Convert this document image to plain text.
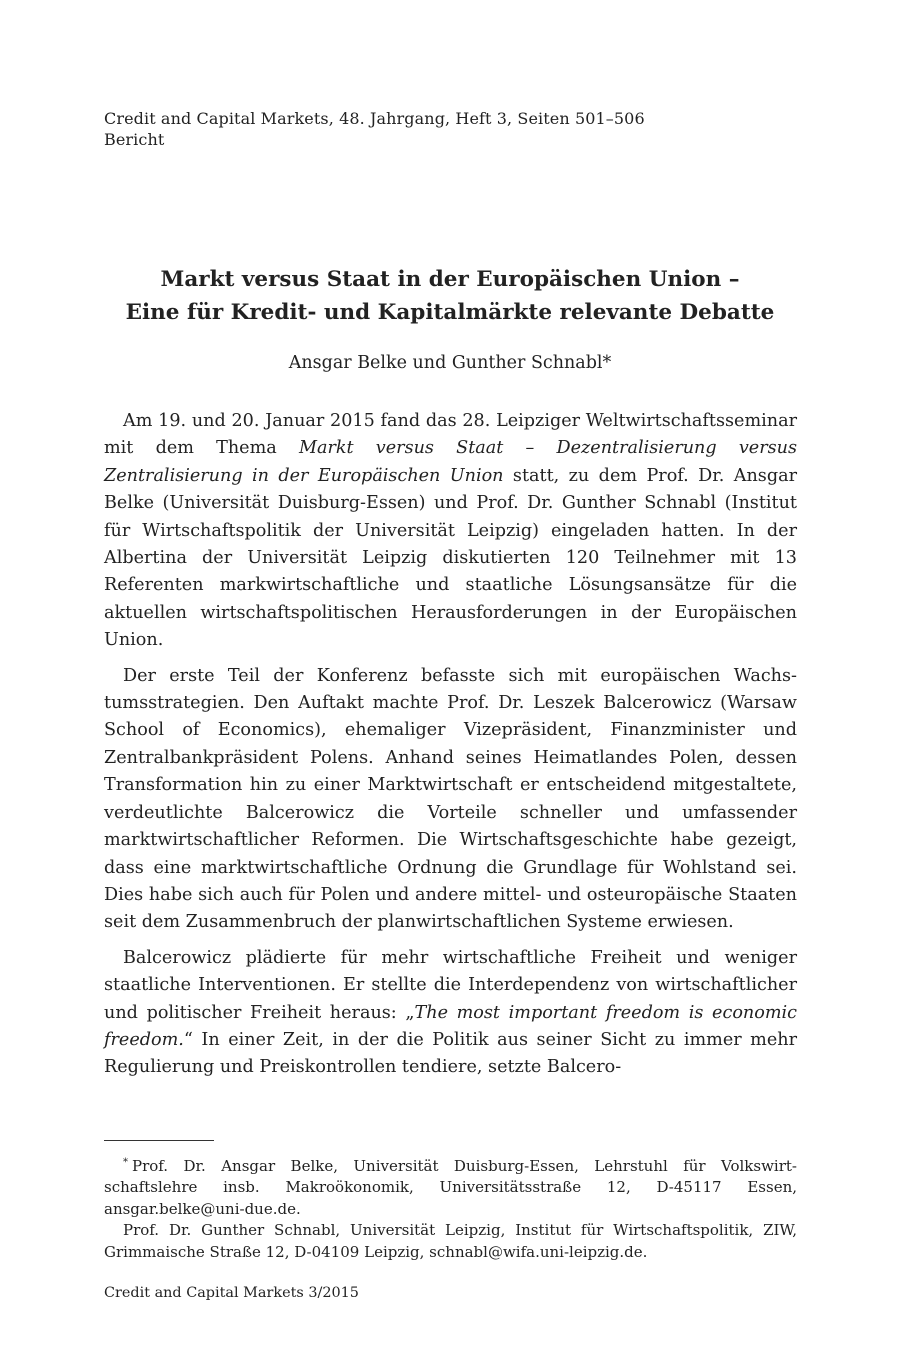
Credit and Capital Markets, 48. Jahrgang, Heft 3, Seiten 501–506
Bericht
Markt versus Staat in der Europäischen Union –
Eine für Kredit- und Kapitalmärkte relevante Debatte
Ansgar Belke und Gunther Schnabl*

Am 19. und 20. Januar 2015 fand das 28. Leipziger Weltwirtschaftsseminar mit dem Thema Markt versus Staat – Dezentralisierung versus Zentralisierung in der Europäischen Union statt, zu dem Prof. Dr. Ansgar Belke (Universität Duisburg-Essen) und Prof. Dr. Gunther Schnabl (Institut für Wirtschaftspolitik der Universität Leipzig) eingeladen hatten. In der Albertina der Universität Leipzig diskutierten 120 Teilnehmer mit 13 Referenten markwirtschaftliche und staatliche Lösungsansätze für die aktuellen wirtschaftspolitischen Herausforderungen in der Europäischen Union.

Der erste Teil der Konferenz befasste sich mit europäischen Wachstumsstrategien. Den Auftakt machte Prof. Dr. Leszek Balcerowicz (Warsaw School of Economics), ehemaliger Vizepräsident, Finanzminister und Zentralbankpräsident Polens. Anhand seines Heimatlandes Polen, dessen Transformation hin zu einer Marktwirtschaft er entscheidend mitgestaltete, verdeutlichte Balcerowicz die Vorteile schneller und umfassender marktwirtschaftlicher Reformen. Die Wirtschaftsgeschichte habe gezeigt, dass eine marktwirtschaftliche Ordnung die Grundlage für Wohlstand sei. Dies habe sich auch für Polen und andere mittel- und osteuropäische Staaten seit dem Zusammenbruch der planwirtschaftlichen Systeme erwiesen.

Balcerowicz plädierte für mehr wirtschaftliche Freiheit und weniger staatliche Interventionen. Er stellte die Interdependenz von wirtschaftlicher und politischer Freiheit heraus: „The most important freedom is economic freedom.“ In einer Zeit, in der die Politik aus seiner Sicht zu immer mehr Regulierung und Preiskontrollen tendiere, setzte Balcero-

* Prof. Dr. Ansgar Belke, Universität Duisburg-Essen, Lehrstuhl für Volkswirtschaftslehre insb. Makroökonomik, Universitätsstraße 12, D-45117 Essen, ansgar.belke@uni-due.de.

Prof. Dr. Gunther Schnabl, Universität Leipzig, Institut für Wirtschaftspolitik, ZIW, Grimmaische Straße 12, D-04109 Leipzig, schnabl@wifa.uni-leipzig.de.

Credit and Capital Markets 3/2015
